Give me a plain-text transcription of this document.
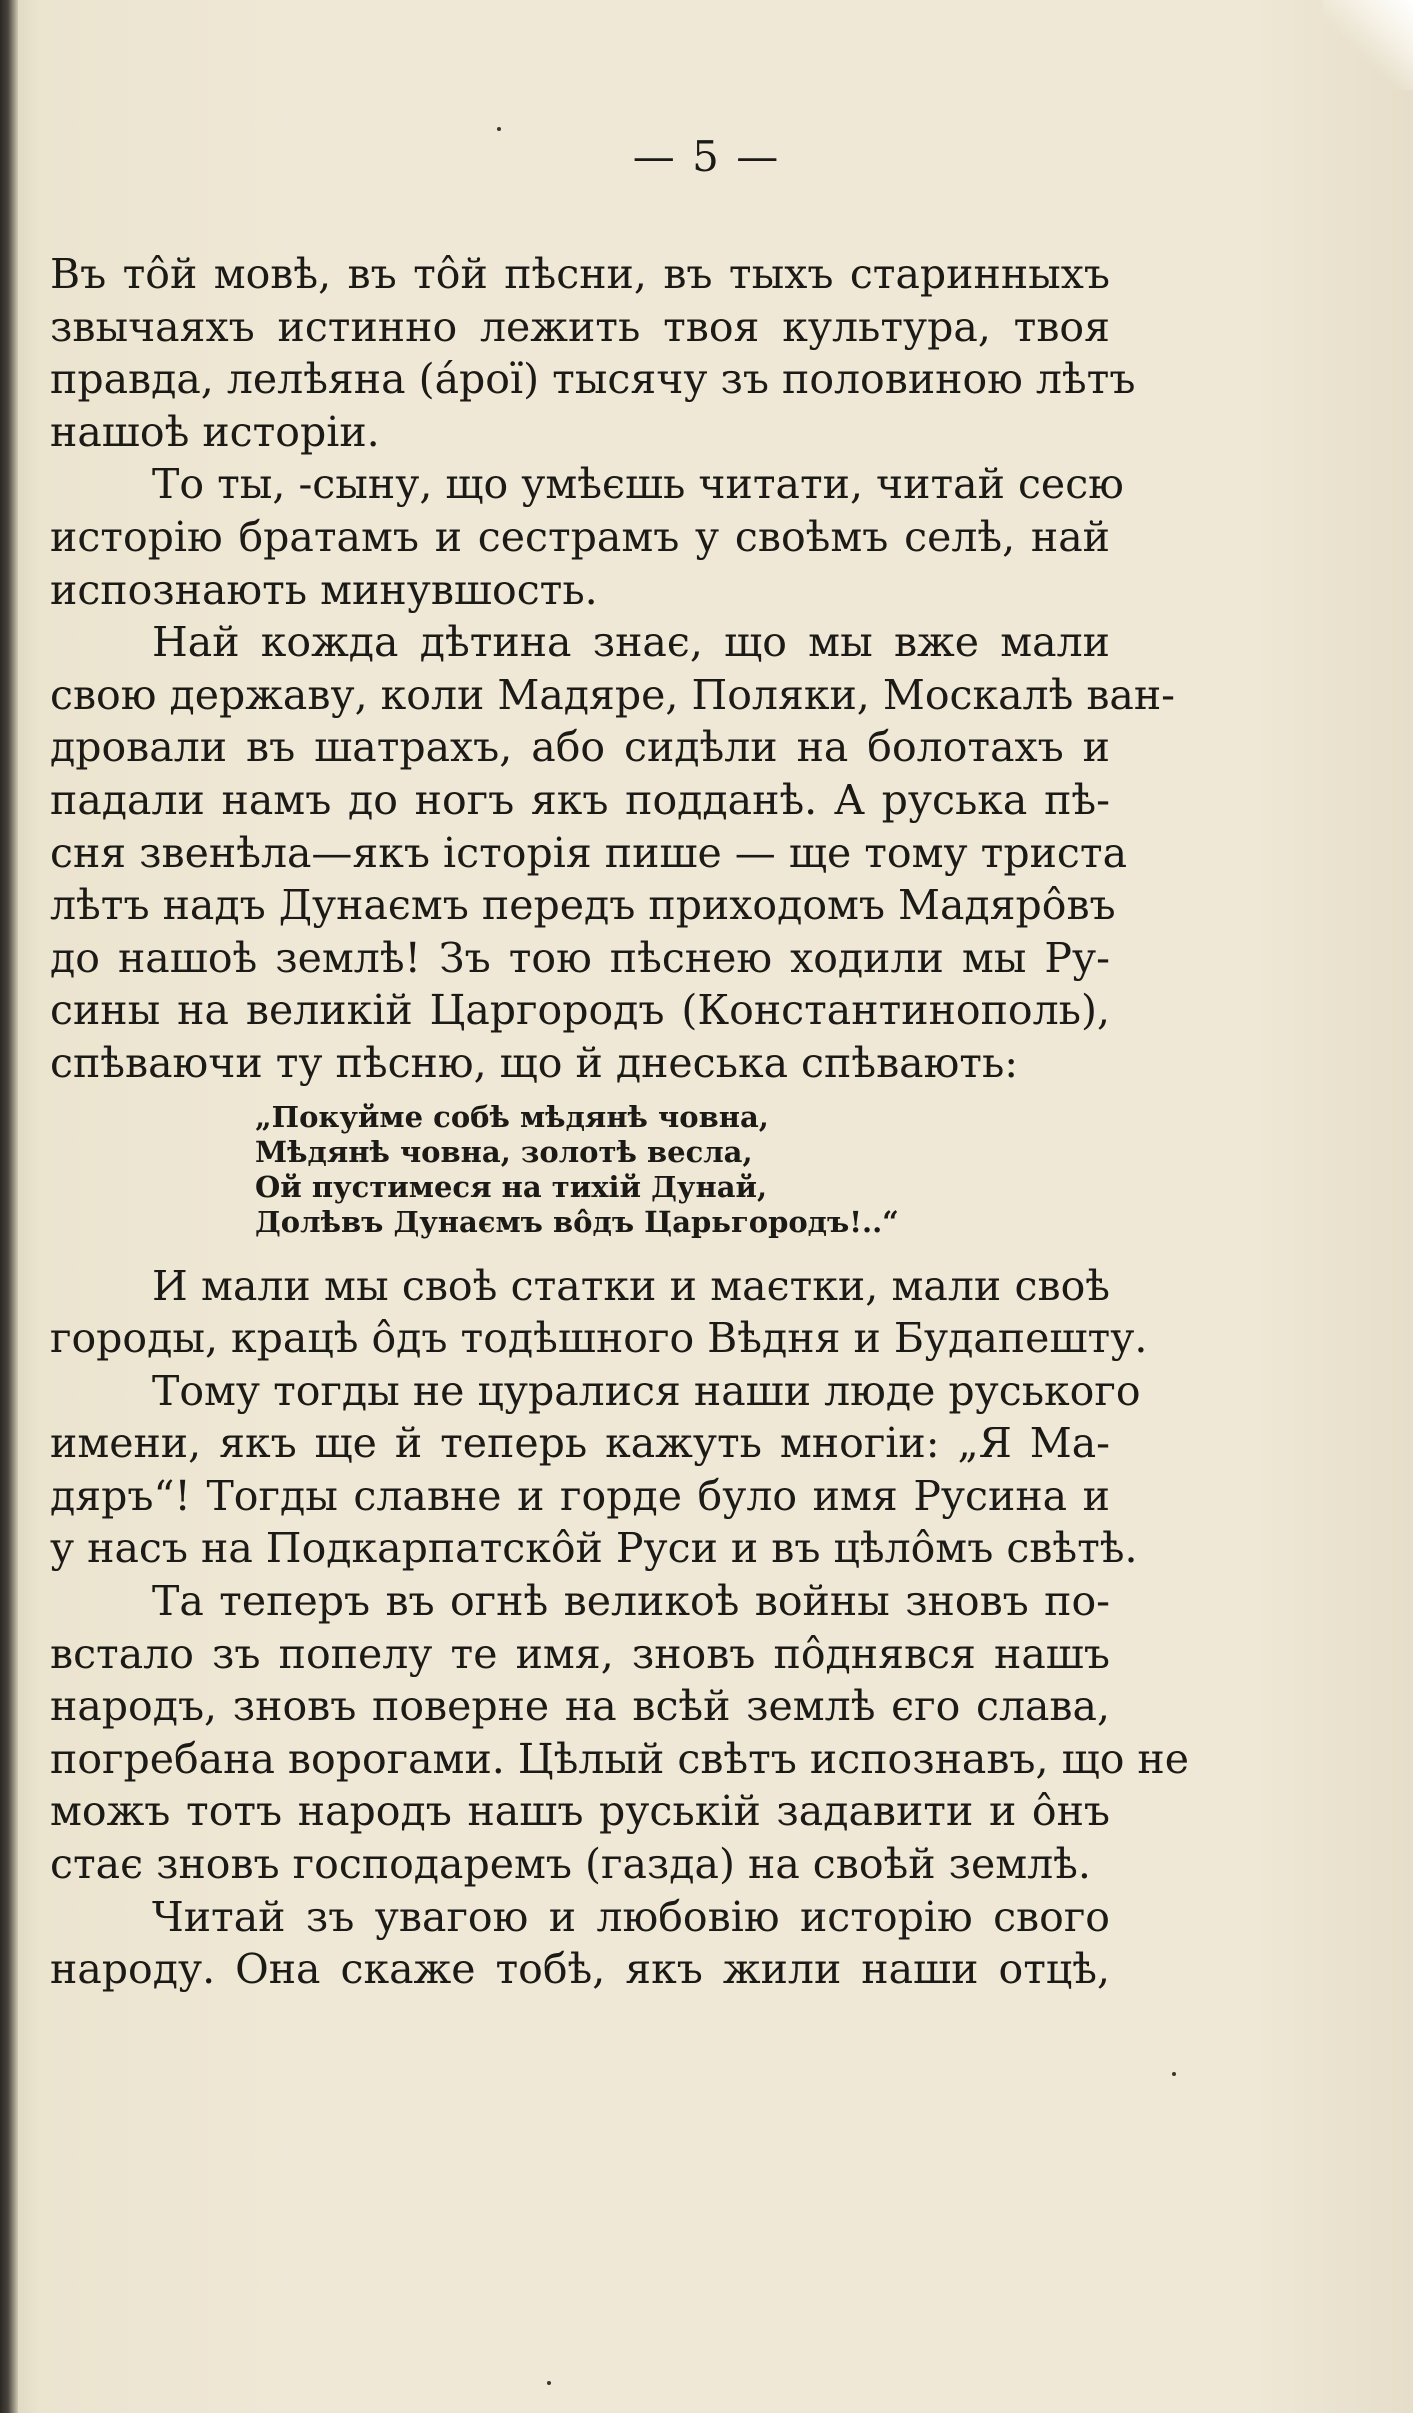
— 5 —
Въ тôй мовѣ, въ тôй пѣсни, въ тыхъ старинныхъ
звычаяхъ истинно лежить твоя культура, твоя
правда, лелѣяна (áрої) тысячу зъ половиною лѣтъ
нашоѣ исторіи.
То ты, -сыну, що умѣєшь читати, читай сесю
исторію братамъ и сестрамъ у своѣмъ селѣ, най
испознають минувшость.
Най кожда дѣтина знає, що мы вже мали
свою державу, коли Мадяре, Поляки, Москалѣ ван-
дровали въ шатрахъ, або сидѣли на болотахъ и
падали намъ до ногъ якъ подданѣ. А руська пѣ-
сня звенѣла—якъ історія пише — ще тому триста
лѣтъ надъ Дунаємъ передъ приходомъ Мадярôвъ
до нашоѣ землѣ! Зъ тою пѣснею ходили мы Ру-
сины на великій Царгородъ (Константинополь),
спѣваючи ту пѣсню, що й днеська спѣвають:
„Покуйме собѣ мѣдянѣ човна,
Мѣдянѣ човна, золотѣ весла,
Ой пустимеся на тихій Дунай,
Долѣвъ Дунаємъ вôдъ Царьгородъ!..“
И мали мы своѣ статки и маєтки, мали своѣ
городы, крацѣ ôдъ тодѣшного Вѣдня и Будапешту.
Тому тогды не цуралися наши люде руського
имени, якъ ще й теперь кажуть многіи: „Я Ма-
дяръ“! Тогды славне и горде було имя Русина и
у насъ на Подкарпатскôй Руси и въ цѣлôмъ свѣтѣ.
Та теперъ въ огнѣ великоѣ войны зновъ по-
встало зъ попелу те имя, зновъ пôднявся нашъ
народъ, зновъ поверне на всѣй землѣ єго слава,
погребана ворогами. Цѣлый свѣтъ испознавъ, що не
можъ тотъ народъ нашъ руській задавити и ôнъ
стає зновъ господаремъ (газда) на своѣй землѣ.
Читай зъ увагою и любовію исторію свого
народу. Она скаже тобѣ, якъ жили наши отцѣ,
